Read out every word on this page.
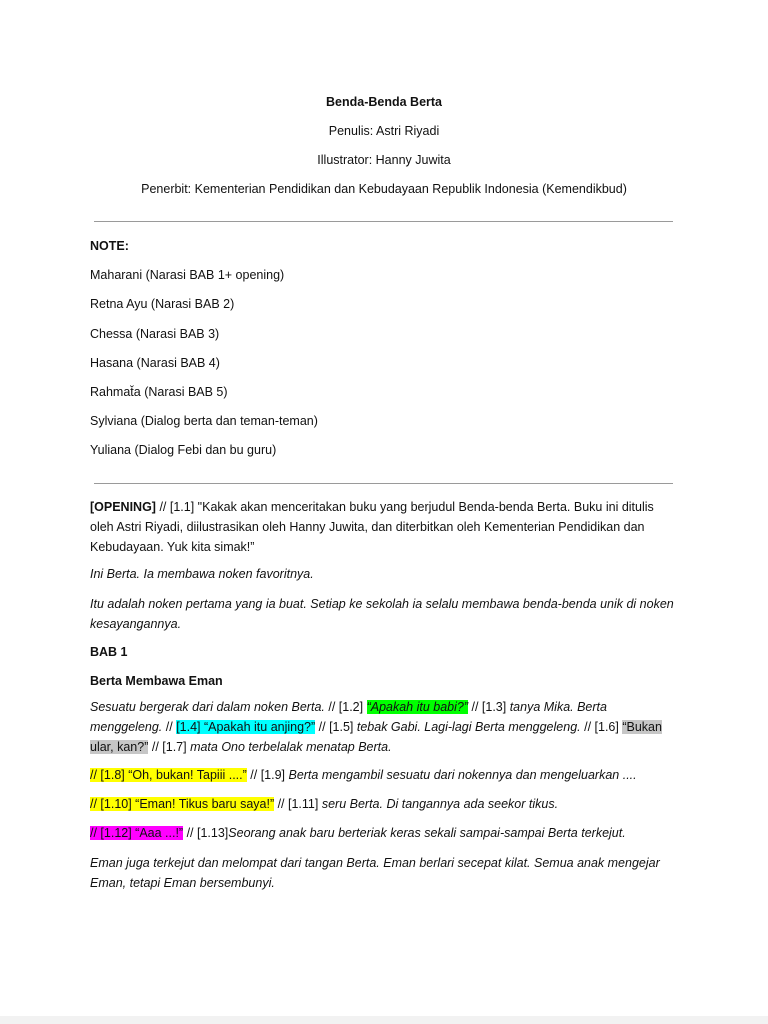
Benda-Benda Berta
Penulis: Astri Riyadi
Illustrator: Hanny Juwita
Penerbit: Kementerian Pendidikan dan Kebudayaan Republik Indonesia (Kemendikbud)
NOTE:
Maharani (Narasi BAB 1+ opening)
Retna Ayu (Narasi BAB 2)
Chessa (Narasi BAB 3)
Hasana (Narasi BAB 4)
Rahmat̆a (Narasi BAB 5)
Sylviana (Dialog berta dan teman-teman)
Yuliana (Dialog Febi dan bu guru)
[OPENING] // [1.1] "Kakak akan menceritakan buku yang berjudul Benda-benda Berta. Buku ini ditulis oleh Astri Riyadi, diilustrasikan oleh Hanny Juwita, dan diterbitkan oleh Kementerian Pendidikan dan Kebudayaan. Yuk kita simak!”
Ini Berta. Ia membawa noken favoritnya.
Itu adalah noken pertama yang ia buat. Setiap ke sekolah ia selalu membawa benda-benda unik di noken kesayangannya.
BAB 1
Berta Membawa Eman
Sesuatu bergerak dari dalam noken Berta. // [1.2] “Apakah itu babi?” // [1.3] tanya Mika. Berta menggeleng. // [1.4] “Apakah itu anjing?” // [1.5] tebak Gabi. Lagi-lagi Berta menggeleng. // [1.6] “Bukan ular, kan?” // [1.7] mata Ono terbelalak menatap Berta.
// [1.8] “Oh, bukan! Tapiii ....” // [1.9] Berta mengambil sesuatu dari nokennya dan mengeluarkan ....
// [1.10] “Eman! Tikus baru saya!” // [1.11] seru Berta. Di tangannya ada seekor tikus.
// [1.12] “Aaa ...!” // [1.13]Seorang anak baru berteriak keras sekali sampai-sampai Berta terkejut.
Eman juga terkejut dan melompat dari tangan Berta. Eman berlari secepat kilat. Semua anak mengejar Eman, tetapi Eman bersembunyi.
